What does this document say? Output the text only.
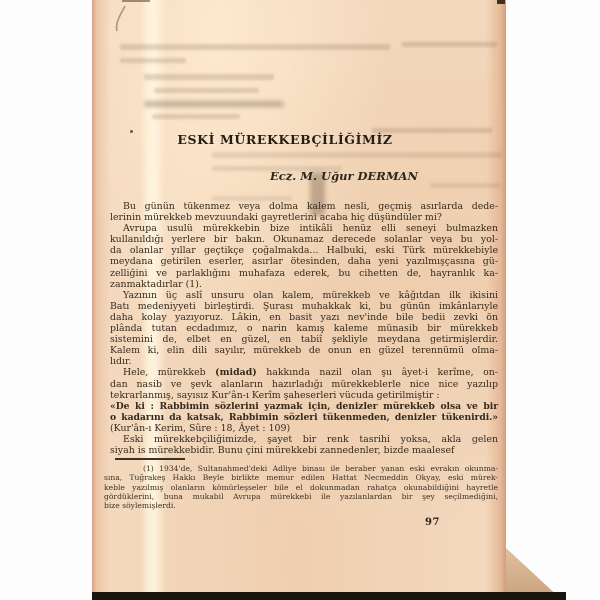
ESKİ MÜREKKEBÇİLİĞİMİZ
Ecz. M. Uğur DERMAN
Bu günün tükenmez veya dolma kalem nesli, geçmiş asırlarda dede-
lerinin mürekkeb mevzuundaki gayretlerini acaba hiç düşündüler mi?
Avrupa usulü mürekkebin bize intikâli henüz elli seneyi bulmazken
kullanıldığı yerlere bir bakın. Okunamaz derecede solanlar veya bu yol-
da olanlar yıllar geçtikçe çoğalmakda... Halbuki, eski Türk mürekkebiyle
meydana getirilen eserler, asırlar ötesinden, daha yeni yazılmışçasına gü-
zelliğini ve parlaklığını muhafaza ederek, bu cihetten de, hayranlık ka-
zanmaktadırlar (1).
Yazının üç aslî unsuru olan kalem, mürekkeb ve kâğıtdan ilk ikisini
Batı medeniyyeti birleştirdi. Şurası muhakkak ki, bu günün imkânlarıyle
daha kolay yazıyoruz. Lâkin, en basit yazı nev'inde bile bedii zevki ön
plânda tutan ecdadımız, o narin kamış kaleme münasib bir mürekkeb
sistemini de, elbet en güzel, en tabiî şekliyle meydana getirmişlerdir.
Kalem ki, elin dili sayılır, mürekkeb de onun en güzel terennümü olma-
lıdır.
Hele, mürekkeb (midad) hakkında nazil olan şu âyet-i kerîme, on-
dan nasib ve şevk alanların hazırladığı mürekkeblerle nice nice yazılıp
tekrarlanmış, sayısız Kur'ân-ı Kerîm şaheserleri vücuda getirilmiştir :
«De ki : Rabbimin sözlerini yazmak için, denizler mürekkeb olsa ve bir
o kadarını da katsak, Rabbimin sözleri tükenmeden, denizler tükenirdi.»
(Kur'ân-ı Kerim, Sûre : 18, Âyet : 109)
Eski mürekkebçiliğimizde, şayet bir renk tasrihi yoksa, akla gelen
siyah is mürekkebidir. Bunu çini mürekkebi zannedenler, bizde maalesef
(1) 1934'de, Sultanahmed'deki Adliye binası ile beraber yanan eski evrakın okunma-
sına, Tuğrakeş Hakkı Beyle birlikte memur edilen Hattat Necmeddin Okyay, eski mürek-
keble yazılmış olanların kömürleşseler bile el dokunmadan rahatça okunabildiğini hayretle
gördüklerini, buna mukabil Avrupa mürekkebi ile yazılanlardan bir şey seçilmediğini,
bize söylemişlerdi.
97
